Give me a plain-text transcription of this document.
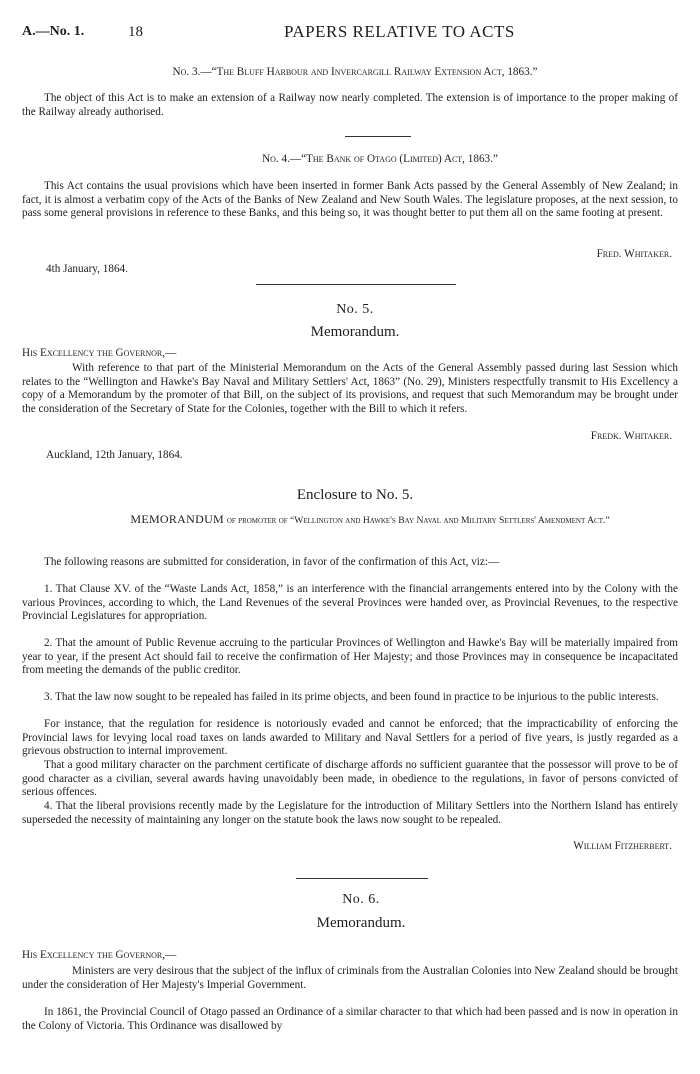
A.—No. 1.	18	PAPERS RELATIVE TO ACTS
No. 3.—“The Bluff Harbour and Invercargill Railway Extension Act, 1863.”
The object of this Act is to make an extension of a Railway now nearly completed. The extension is of importance to the proper making of the Railway already authorised.
No. 4.—“The Bank of Otago (Limited) Act, 1863.”
This Act contains the usual provisions which have been inserted in former Bank Acts passed by the General Assembly of New Zealand; in fact, it is almost a verbatim copy of the Acts of the Banks of New Zealand and New South Wales. The legislature proposes, at the next session, to pass some general provisions in reference to these Banks, and this being so, it was thought better to put them all on the same footing at present.
Fred. Whitaker.
4th January, 1864.
No. 5.
Memorandum.
His Excellency the Governor,—
With reference to that part of the Ministerial Memorandum on the Acts of the General Assembly passed during last Session which relates to the “Wellington and Hawke's Bay Naval and Military Settlers' Act, 1863” (No. 29), Ministers respectfully transmit to His Excellency a copy of a Memorandum by the promoter of that Bill, on the subject of its provisions, and request that such Memorandum may be brought under the consideration of the Secretary of State for the Colonies, together with the Bill to which it refers.
Fredk. Whitaker.
Auckland, 12th January, 1864.
Enclosure to No. 5.
MEMORANDUM of promoter of “Wellington and Hawke's Bay Naval and Military Settlers' Amendment Act.”
The following reasons are submitted for consideration, in favor of the confirmation of this Act, viz:—
1. That Clause XV. of the “Waste Lands Act, 1858,” is an interference with the financial arrangements entered into by the Colony with the various Provinces, according to which, the Land Revenues of the several Provinces were handed over, as Provincial Revenues, to the respective Provincial Legislatures for appropriation.
2. That the amount of Public Revenue accruing to the particular Provinces of Wellington and Hawke's Bay will be materially impaired from year to year, if the present Act should fail to receive the confirmation of Her Majesty; and those Provinces may in consequence be incapacitated from meeting the demands of the public creditor.
3. That the law now sought to be repealed has failed in its prime objects, and been found in practice to be injurious to the public interests.
For instance, that the regulation for residence is notoriously evaded and cannot be enforced; that the impracticability of enforcing the Provincial laws for levying local road taxes on lands awarded to Military and Naval Settlers for a period of five years, is justly regarded as a grievous obstruction to internal improvement.
That a good military character on the parchment certificate of discharge affords no sufficient guarantee that the possessor will prove to be of good character as a civilian, several awards having unavoidably been made, in obedience to the regulations, in favor of persons convicted of serious offences.
4. That the liberal provisions recently made by the Legislature for the introduction of Military Settlers into the Northern Island has entirely superseded the necessity of maintaining any longer on the statute book the laws now sought to be repealed.
William Fitzherbert.
No. 6.
Memorandum.
His Excellency the Governor,—
Ministers are very desirous that the subject of the influx of criminals from the Australian Colonies into New Zealand should be brought under the consideration of Her Majesty's Imperial Government.
In 1861, the Provincial Council of Otago passed an Ordinance of a similar character to that which had been passed and is now in operation in the Colony of Victoria. This Ordinance was disallowed by
